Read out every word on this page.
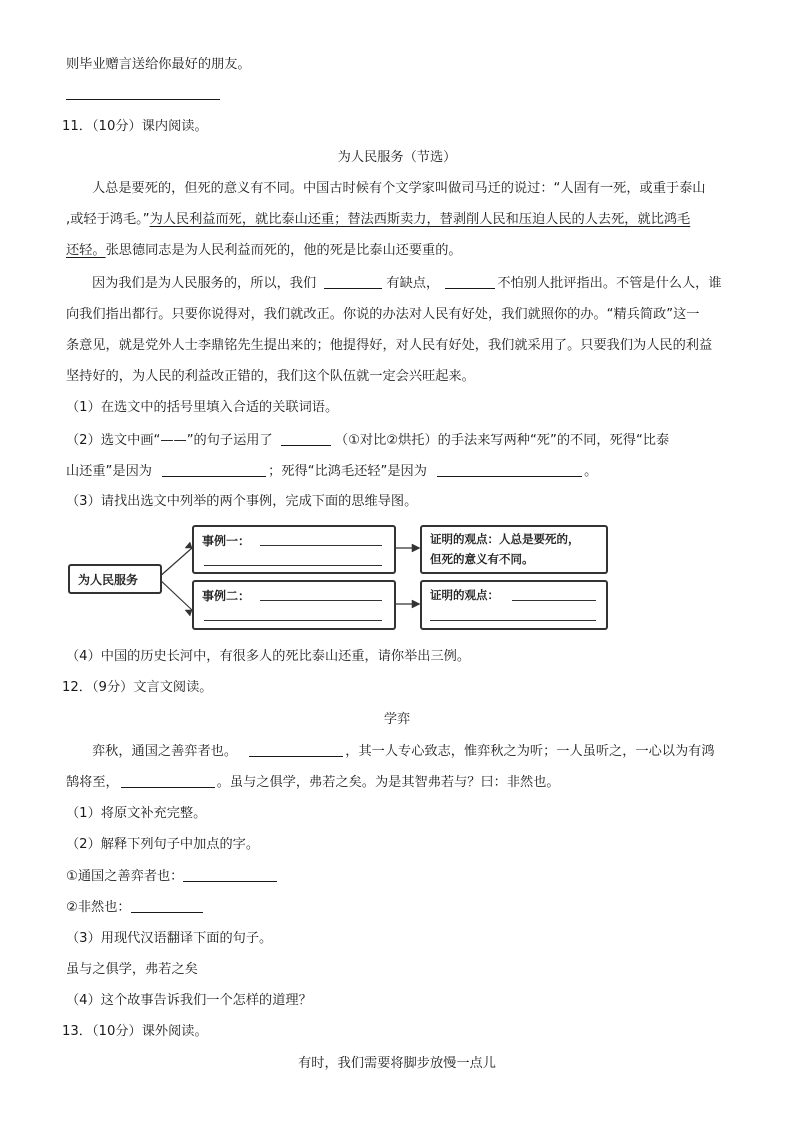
则毕业赠言送给你最好的朋友。
11．（10分）课内阅读。
为人民服务（节选）
人总是要死的，但死的意义有不同。中国古时候有个文学家叫做司马迁的说过：“人固有一死，或重于泰山
,或轻于鸿毛。”为人民利益而死，就比泰山还重；替法西斯卖力，替剥削人民和压迫人民的人去死，就比鸿毛
还轻。张思德同志是为人民利益而死的，他的死是比泰山还要重的。
因为我们是为人民服务的，所以，我们	有缺点，	不怕别人批评指出。不管是什么人，谁
向我们指出都行。只要你说得对，我们就改正。你说的办法对人民有好处，我们就照你的办。“精兵简政”这一
条意见，就是党外人士李鼎铭先生提出来的；他提得好，对人民有好处，我们就采用了。只要我们为人民的利益
坚持好的，为人民的利益改正错的，我们这个队伍就一定会兴旺起来。
（1）在选文中的括号里填入合适的关联词语。
（2）选文中画“——”的句子运用了	（①对比②烘托）的手法来写两种“死”的不同，死得“比泰
山还重”是因为	；死得“比鸿毛还轻”是因为	。
（3）请找出选文中列举的两个事例，完成下面的思维导图。
为人民服务
事例一：
事例二：
证明的观点：人总是要死的，
但死的意义有不同。
证明的观点：
（4）中国的历史长河中，有很多人的死比泰山还重，请你举出三例。
12．（9分）文言文阅读。
学弈
弈秋，通国之善弈者也。	，其一人专心致志，惟弈秋之为听；一人虽听之，一心以为有鸿
鹄将至，	。虽与之俱学，弗若之矣。为是其智弗若与？曰：非然也。
（1）将原文补充完整。
（2）解释下列句子中加点的字。
①通国之善弈者也：
②非然也：
（3）用现代汉语翻译下面的句子。
虽与之俱学，弗若之矣
（4）这个故事告诉我们一个怎样的道理？
13．（10分）课外阅读。
有时，我们需要将脚步放慢一点儿
